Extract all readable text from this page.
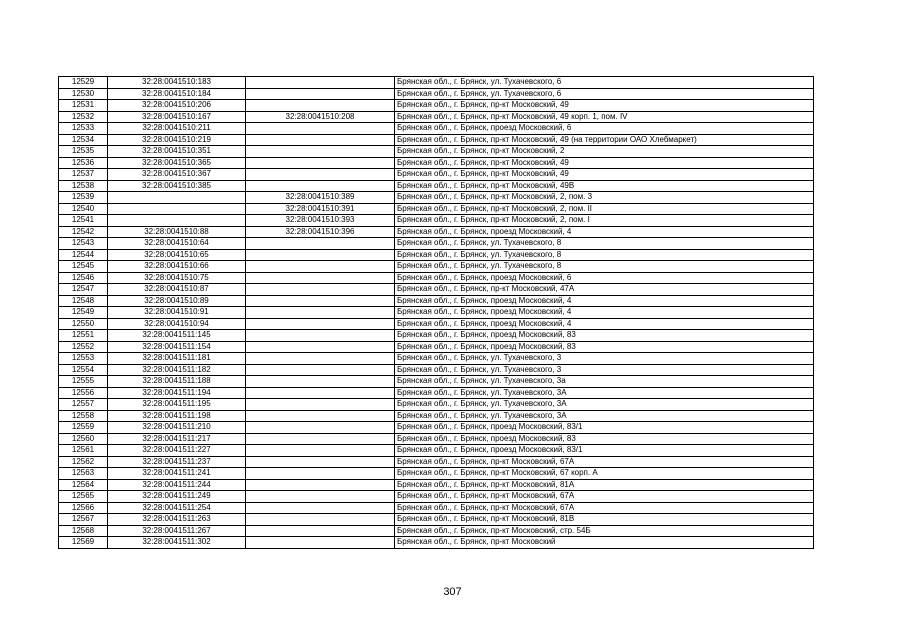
12529	32:28:0041510:183		Брянская обл., г. Брянск, ул. Тухачевского, 6
12530	32:28:0041510:184		Брянская обл., г. Брянск, ул. Тухачевского, 6
12531	32:28:0041510:206		Брянская обл., г. Брянск, пр-кт Московский, 49
12532	32:28:0041510:167	32:28:0041510:208	Брянская обл., г. Брянск, пр-кт Московский, 49 корп. 1, пом. IV
12533	32:28:0041510:211		Брянская обл., г. Брянск, проезд Московский, 6
12534	32:28:0041510:219		Брянская обл., г. Брянск, пр-кт Московский, 49 (на территории ОАО Хлебмаркет)
12535	32:28:0041510:351		Брянская обл., г. Брянск, пр-кт Московский, 2
12536	32:28:0041510:365		Брянская обл., г. Брянск, пр-кт Московский, 49
12537	32:28:0041510:367		Брянская обл., г. Брянск, пр-кт Московский, 49
12538	32:28:0041510:385		Брянская обл., г. Брянск, пр-кт Московский, 49В
12539		32:28:0041510:389	Брянская обл., г. Брянск, пр-кт Московский, 2, пом. 3
12540		32:28:0041510:391	Брянская обл., г. Брянск, пр-кт Московский, 2, пом. II
12541		32:28:0041510:393	Брянская обл., г. Брянск, пр-кт Московский, 2, пом. I
12542	32:28:0041510:88	32:28:0041510:396	Брянская обл., г. Брянск, проезд Московский, 4
12543	32:28:0041510:64		Брянская обл., г. Брянск, ул. Тухачевского, 8
12544	32:28:0041510:65		Брянская обл., г. Брянск, ул. Тухачевского, 8
12545	32:28:0041510:66		Брянская обл., г. Брянск, ул. Тухачевского, 8
12546	32:28:0041510:75		Брянская обл., г. Брянск, проезд Московский, 6
12547	32:28:0041510:87		Брянская обл., г. Брянск, пр-кт Московский, 47А
12548	32:28:0041510:89		Брянская обл., г. Брянск, проезд Московский, 4
12549	32:28:0041510:91		Брянская обл., г. Брянск, проезд Московский, 4
12550	32:28:0041510:94		Брянская обл., г. Брянск, проезд Московский, 4
12551	32:28:0041511:145		Брянская обл., г. Брянск, проезд Московский, 83
12552	32:28:0041511:154		Брянская обл., г. Брянск, проезд Московский, 83
12553	32:28:0041511:181		Брянская обл., г. Брянск, ул. Тухачевского, 3
12554	32:28:0041511:182		Брянская обл., г. Брянск, ул. Тухачевского, 3
12555	32:28:0041511:188		Брянская обл., г. Брянск, ул. Тухачевского, 3а
12556	32:28:0041511:194		Брянская обл., г. Брянск, ул. Тухачевского, 3А
12557	32:28:0041511:195		Брянская обл., г. Брянск, ул. Тухачевского, 3А
12558	32:28:0041511:198		Брянская обл., г. Брянск, ул. Тухачевского, 3А
12559	32:28:0041511:210		Брянская обл., г. Брянск, проезд Московский, 83/1
12560	32:28:0041511:217		Брянская обл., г. Брянск, проезд Московский, 83
12561	32:28:0041511:227		Брянская обл., г. Брянск, проезд Московский, 83/1
12562	32:28:0041511:237		Брянская обл., г. Брянск, пр-кт Московский, 67А
12563	32:28:0041511:241		Брянская обл., г. Брянск, пр-кт Московский, 67 корп. А
12564	32:28:0041511:244		Брянская обл., г. Брянск, пр-кт Московский, 81А
12565	32:28:0041511:249		Брянская обл., г. Брянск, пр-кт Московский, 67А
12566	32:28:0041511:254		Брянская обл., г. Брянск, пр-кт Московский, 67А
12567	32:28:0041511:263		Брянская обл., г. Брянск, пр-кт Московский, 81В
12568	32:28:0041511:267		Брянская обл., г. Брянск, пр-кт Московский, стр. 54Б
12569	32:28:0041511:302		Брянская обл., г. Брянск, пр-кт Московский
307
